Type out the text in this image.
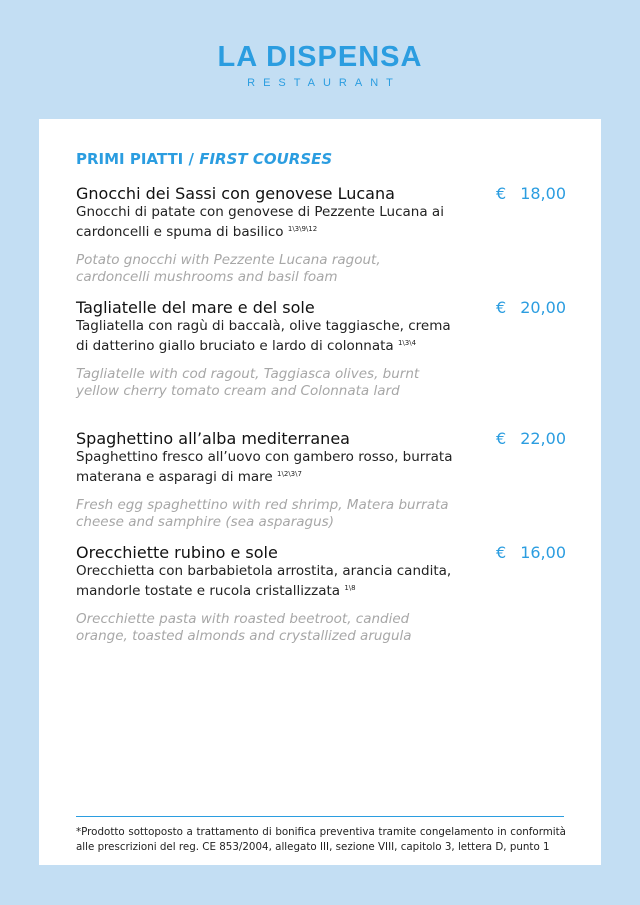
LA DISPENSA
RESTAURANT
PRIMI PIATTI / FIRST COURSES
Gnocchi dei Sassi con genovese Lucana
Gnocchi di patate con genovese di Pezzente Lucana ai cardoncelli e spuma di basilico $^{1\backslash 3\backslash 9\backslash 12}$
Potato gnocchi with Pezzente Lucana ragout, cardoncelli mushrooms and basil foam
€ 18,00
Tagliatelle del mare e del sole
Tagliatella con ragù di baccalà, olive taggiasche, crema di datterino giallo bruciato e lardo di colonnata $^{1\backslash 3\backslash 4}$
Tagliatelle with cod ragout, Taggiasca olives, burnt yellow cherry tomato cream and Colonnata lard
€ 20,00
Spaghettino all’alba mediterranea
Spaghettino fresco all’uovo con gambero rosso, burrata materana e asparagi di mare $^{1\backslash 2\backslash 3\backslash 7}$
Fresh egg spaghettino with red shrimp, Matera burrata cheese and samphire (sea asparagus)
€ 22,00
Orecchiette rubino e sole
Orecchietta con barbabietola arrostita, arancia candita, mandorle tostate e rucola cristallizzata $^{1\backslash 8}$
Orecchiette pasta with roasted beetroot, candied orange, toasted almonds and crystallized arugula
€ 16,00
*Prodotto sottoposto a trattamento di bonifica preventiva tramite congelamento in conformità alle prescrizioni del reg. CE 853/2004, allegato III, sezione VIII, capitolo 3, lettera D, punto 1
